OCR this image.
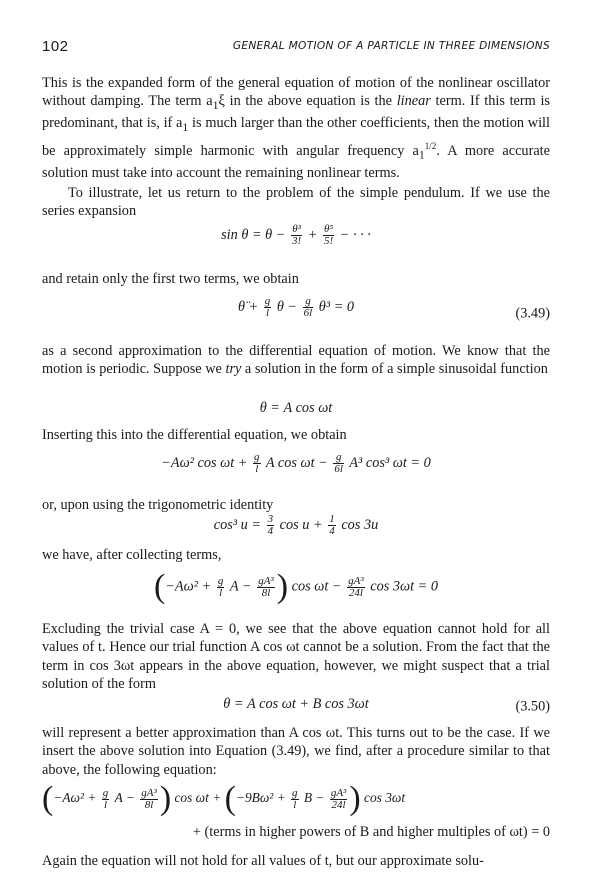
102	GENERAL MOTION OF A PARTICLE IN THREE DIMENSIONS

This is the expanded form of the general equation of motion of the nonlinear oscillator without damping. The term $a_1\xi$ in the above equation is the linear term. If this term is predominant, that is, if $a_1$ is much larger than the other coefficients, then the motion will be approximately simple harmonic with angular frequency $a_1^{1/2}$. A more accurate solution must take into account the remaining nonlinear terms.

To illustrate, let us return to the problem of the simple pendulum. If we use the series expansion

$\sin \theta = \theta - \frac{\text{θ³}}{3!} + \frac{\text{θ⁵}}{5!}$ − · · ·

and retain only the first two terms, we obtain

θ̈ + $\frac{g}{l}$ $\theta - \frac{g}{6l} \theta^3 = 0$	(3.49)

as a second approximation to the differential equation of motion. We know that the motion is periodic. Suppose we try a solution in the form of a simple sinusoidal function

θ = A cos ωt

Inserting this into the differential equation, we obtain

−Aω² $\cos \omega t + \frac{g}{l}$ A $\cos \omega t - \frac{g}{6l} A^3$ cos³ ωt = 0

or, upon using the trigonometric identity

cos³ $u = \frac{3}{4}$ $\cos u + \frac{1}{4}$ cos 3u

we have, after collecting terms,

($-A\omega^2 + \frac{g}{l}$ $A - \frac{\text{gA³}}{8l}$ ) $\cos \omega t - \frac{\text{gA³}}{24l}$ cos 3ωt = 0

Excluding the trivial case A = 0, we see that the above equation cannot hold for all values of t. Hence our trial function A cos ωt cannot be a solution. From the fact that the term in cos 3ωt appears in the above equation, however, we might suspect that a trial solution of the form

θ = A cos ωt + B cos 3ωt	(3.50)

will represent a better approximation than A cos ωt. This turns out to be the case. If we insert the above solution into Equation (3.49), we find, after a procedure similar to that above, the following equation:

($-A\omega^2 + \frac{g}{l}$ $A - \frac{\text{gA³}}{8l}$ ) $\cos \omega t + (-9B\omega^2 + \frac{g}{l}$ $B - \frac{\text{gA³}}{24l}$ ) cos 3ωt
+ (terms in higher powers of B and higher multiples of ωt) = 0

Again the equation will not hold for all values of t, but our approximate solu-
